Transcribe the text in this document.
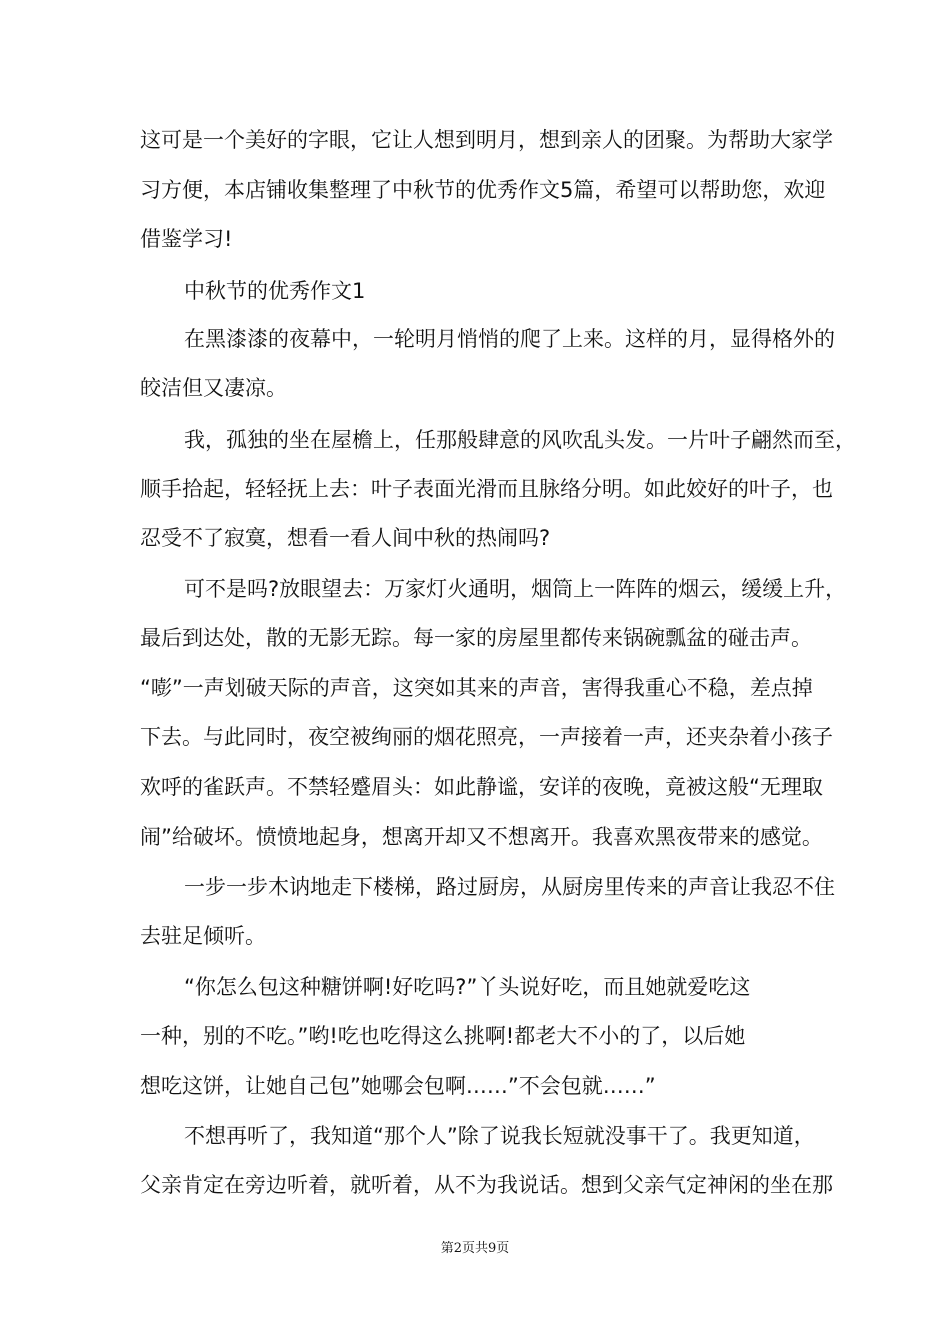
这可是一个美好的字眼，它让人想到明月，想到亲人的团聚。为帮助大家学
习方便，本店铺收集整理了中秋节的优秀作文5篇，希望可以帮助您，欢迎
借鉴学习!
中秋节的优秀作文1
在黑漆漆的夜幕中，一轮明月悄悄的爬了上来。这样的月，显得格外的
皎洁但又凄凉。
我，孤独的坐在屋檐上，任那般肆意的风吹乱头发。一片叶子翩然而至，
顺手拾起，轻轻抚上去：叶子表面光滑而且脉络分明。如此姣好的叶子，也
忍受不了寂寞，想看一看人间中秋的热闹吗?
可不是吗?放眼望去：万家灯火通明，烟筒上一阵阵的烟云，缓缓上升，
最后到达处，散的无影无踪。每一家的房屋里都传来锅碗瓢盆的碰击声。
“嘭”一声划破天际的声音，这突如其来的声音，害得我重心不稳，差点掉
下去。与此同时，夜空被绚丽的烟花照亮，一声接着一声，还夹杂着小孩子
欢呼的雀跃声。不禁轻蹙眉头：如此静谧，安详的夜晚，竟被这般“无理取
闹”给破坏。愤愤地起身，想离开却又不想离开。我喜欢黑夜带来的感觉。
一步一步木讷地走下楼梯，路过厨房，从厨房里传来的声音让我忍不住
去驻足倾听。
“你怎么包这种糖饼啊!好吃吗?”丫头说好吃，而且她就爱吃这
一种，别的不吃。”哟!吃也吃得这么挑啊!都老大不小的了，以后她
想吃这饼，让她自己包”她哪会包啊……”不会包就……”
不想再听了，我知道“那个人”除了说我长短就没事干了。我更知道，
父亲肯定在旁边听着，就听着，从不为我说话。想到父亲气定神闲的坐在那
第2页共9页
